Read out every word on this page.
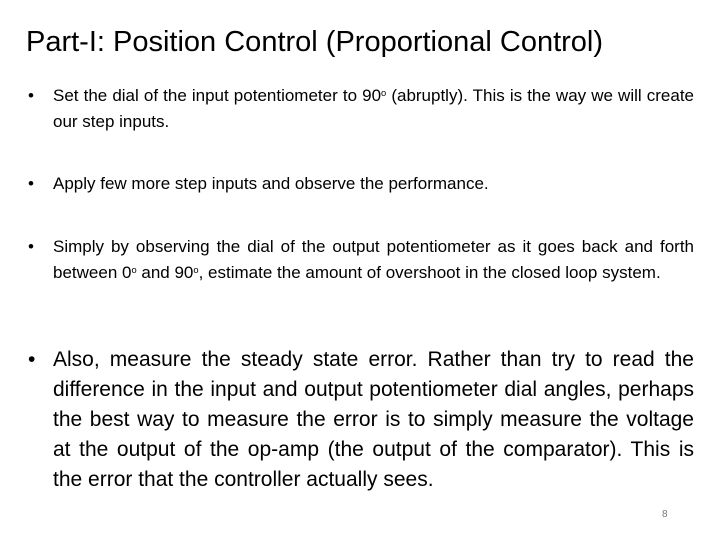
Part-I: Position Control (Proportional Control)
•	Set the dial of the input potentiometer to 90$^o$ (abruptly). This is the way we will create our step inputs.
•	Apply few more step inputs and observe the performance.
•	Simply by observing the dial of the output potentiometer as it goes back and forth between 0$^o$ and 90$^o$, estimate the amount of overshoot in the closed loop system.
• Also, measure the steady state error. Rather than try to read the difference in the input and output potentiometer dial angles, perhaps the best way to measure the error is to simply measure the voltage at the output of the op-amp (the output of the comparator). This is the error that the controller actually sees.
8
